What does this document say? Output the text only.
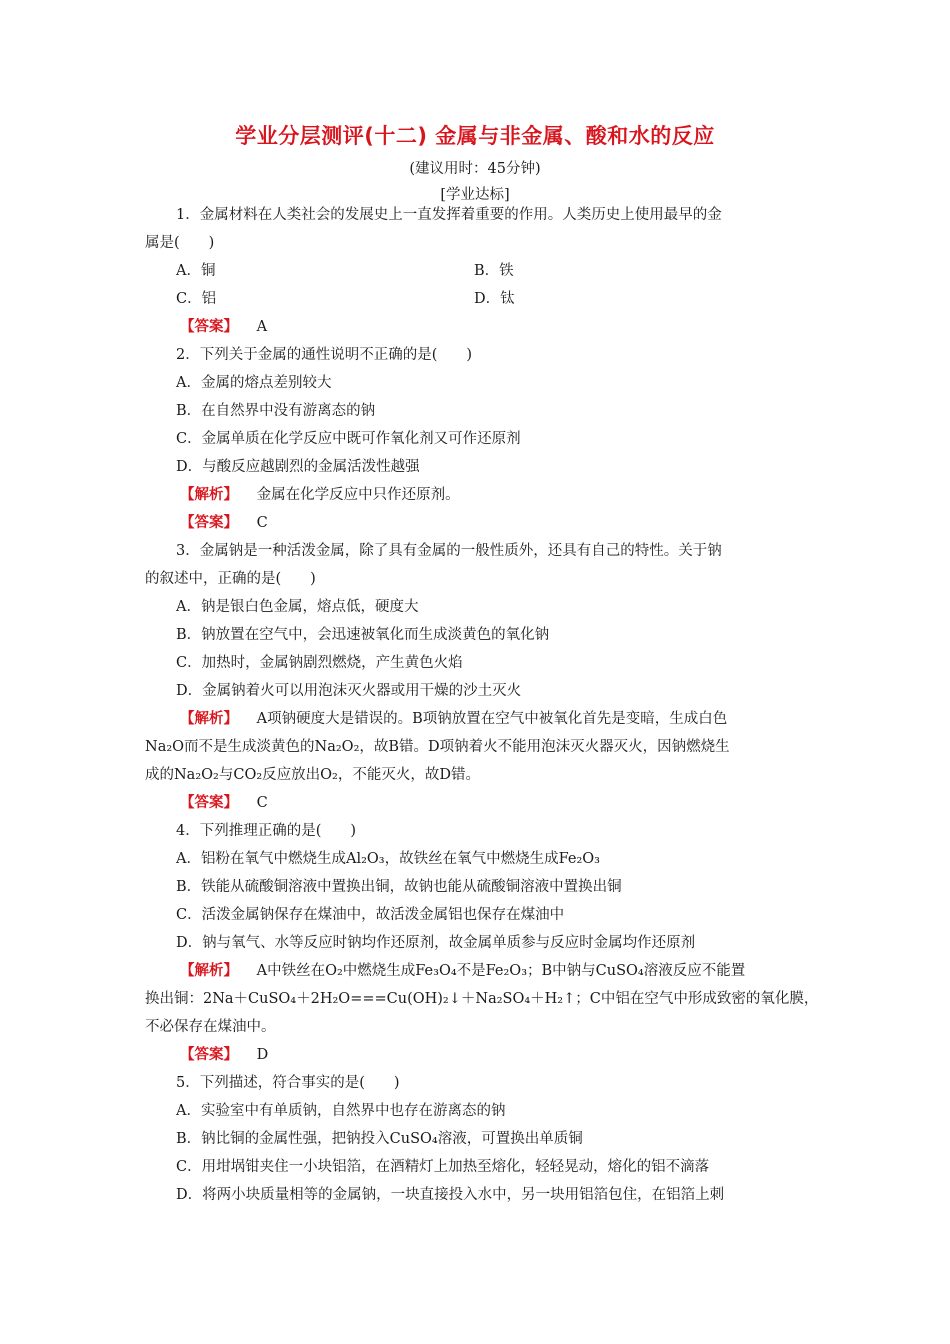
学业分层测评(十二) 金属与非金属、酸和水的反应
(建议用时：45分钟)
[学业达标]
1．金属材料在人类社会的发展史上一直发挥着重要的作用。人类历史上使用最早的金
属是(　　)
A．铜	B．铁
C．铝	D．钛
【答案】 A
2．下列关于金属的通性说明不正确的是(　　)
A．金属的熔点差别较大
B．在自然界中没有游离态的钠
C．金属单质在化学反应中既可作氧化剂又可作还原剂
D．与酸反应越剧烈的金属活泼性越强
【解析】 金属在化学反应中只作还原剂。
【答案】 C
3．金属钠是一种活泼金属，除了具有金属的一般性质外，还具有自己的特性。关于钠
的叙述中，正确的是(　　)
A．钠是银白色金属，熔点低，硬度大
B．钠放置在空气中，会迅速被氧化而生成淡黄色的氧化钠
C．加热时，金属钠剧烈燃烧，产生黄色火焰
D．金属钠着火可以用泡沫灭火器或用干燥的沙土灭火
【解析】 A项钠硬度大是错误的。B项钠放置在空气中被氧化首先是变暗，生成白色
Na₂O而不是生成淡黄色的Na₂O₂，故B错。D项钠着火不能用泡沫灭火器灭火，因钠燃烧生
成的Na₂O₂与CO₂反应放出O₂，不能灭火，故D错。
【答案】 C
4．下列推理正确的是(　　)
A．铝粉在氧气中燃烧生成Al₂O₃，故铁丝在氧气中燃烧生成Fe₂O₃
B．铁能从硫酸铜溶液中置换出铜，故钠也能从硫酸铜溶液中置换出铜
C．活泼金属钠保存在煤油中，故活泼金属铝也保存在煤油中
D．钠与氧气、水等反应时钠均作还原剂，故金属单质参与反应时金属均作还原剂
【解析】 A中铁丝在O₂中燃烧生成Fe₃O₄不是Fe₂O₃；B中钠与CuSO₄溶液反应不能置
换出铜：2Na＋CuSO₄＋2H₂O===Cu(OH)₂↓＋Na₂SO₄＋H₂↑；C中铝在空气中形成致密的氧化膜，
不必保存在煤油中。
【答案】 D
5．下列描述，符合事实的是(　　)
A．实验室中有单质钠，自然界中也存在游离态的钠
B．钠比铜的金属性强，把钠投入CuSO₄溶液，可置换出单质铜
C．用坩埚钳夹住一小块铝箔，在酒精灯上加热至熔化，轻轻晃动，熔化的铝不滴落
D．将两小块质量相等的金属钠，一块直接投入水中，另一块用铝箔包住，在铝箔上刺
